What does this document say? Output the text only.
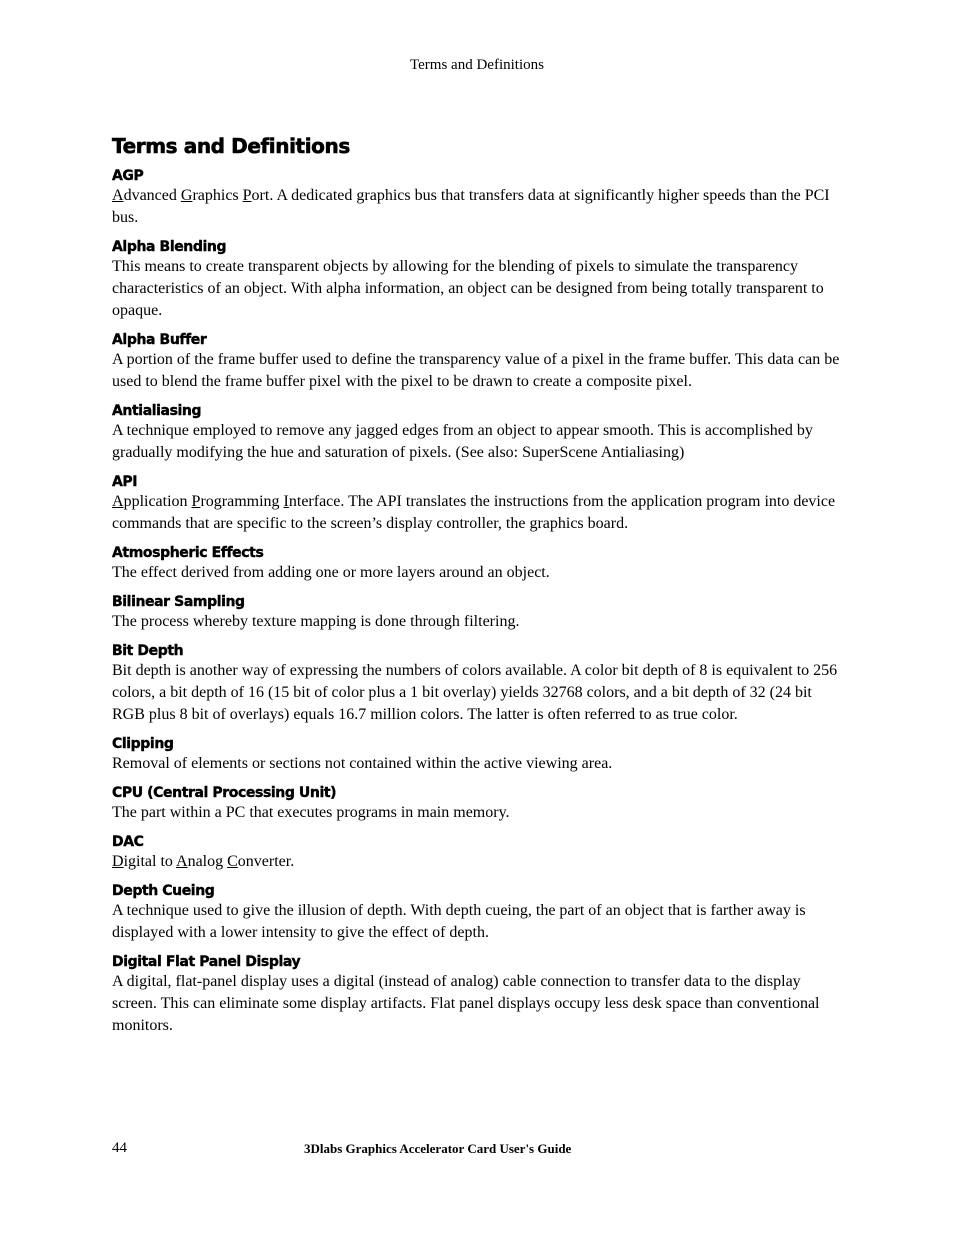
Terms and Definitions
Terms and Definitions
AGP

Advanced Graphics Port. A dedicated graphics bus that transfers data at significantly higher speeds than the PCI bus.

Alpha Blending

This means to create transparent objects by allowing for the blending of pixels to simulate the transparency characteristics of an object. With alpha information, an object can be designed from being totally transparent to opaque.

Alpha Buffer

A portion of the frame buffer used to define the transparency value of a pixel in the frame buffer. This data can be used to blend the frame buffer pixel with the pixel to be drawn to create a composite pixel.

Antialiasing

A technique employed to remove any jagged edges from an object to appear smooth. This is accomplished by gradually modifying the hue and saturation of pixels. (See also: SuperScene Antialiasing)

API

Application Programming Interface. The API translates the instructions from the application program into device commands that are specific to the screen’s display controller, the graphics board.

Atmospheric Effects

The effect derived from adding one or more layers around an object.

Bilinear Sampling

The process whereby texture mapping is done through filtering.

Bit Depth

Bit depth is another way of expressing the numbers of colors available. A color bit depth of 8 is equivalent to 256 colors, a bit depth of 16 (15 bit of color plus a 1 bit overlay) yields 32768 colors, and a bit depth of 32 (24 bit RGB plus 8 bit of overlays) equals 16.7 million colors. The latter is often referred to as true color.

Clipping

Removal of elements or sections not contained within the active viewing area.

CPU (Central Processing Unit)

The part within a PC that executes programs in main memory.

DAC

Digital to Analog Converter.

Depth Cueing

A technique used to give the illusion of depth. With depth cueing, the part of an object that is farther away is displayed with a lower intensity to give the effect of depth.

Digital Flat Panel Display

A digital, flat-panel display uses a digital (instead of analog) cable connection to transfer data to the display screen. This can eliminate some display artifacts. Flat panel displays occupy less desk space than conventional monitors.

44	3Dlabs Graphics Accelerator Card User's Guide
